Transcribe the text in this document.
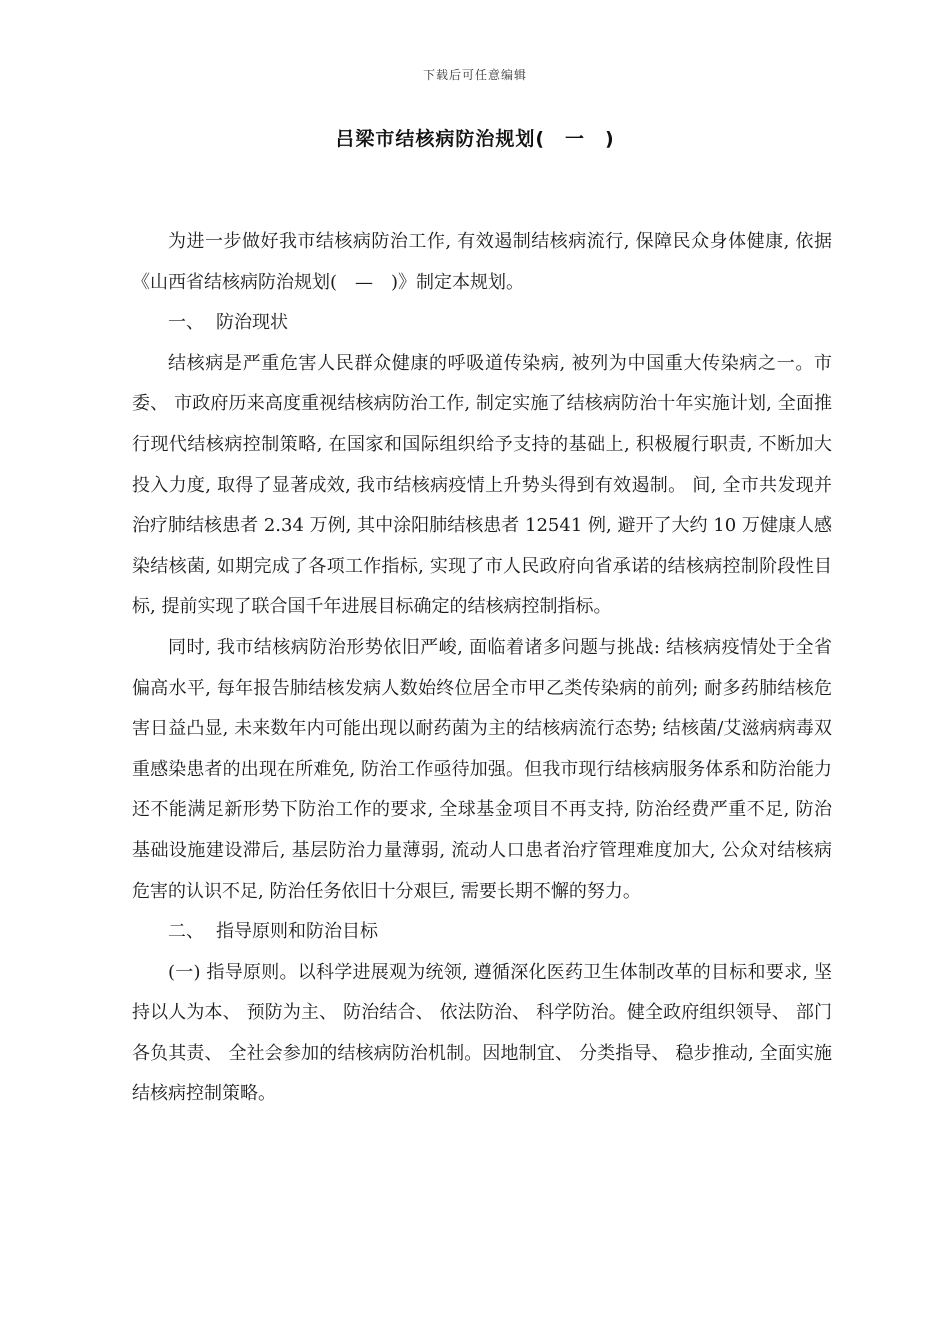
下载后可任意编辑
吕梁市结核病防治规划(　一　)

为进一步做好我市结核病防治工作, 有效遏制结核病流行, 保障民众身体健康, 依据《山西省结核病防治规划(　—　)》制定本规划。

一、 防治现状

结核病是严重危害人民群众健康的呼吸道传染病, 被列为中国重大传染病之一。市委、 市政府历来高度重视结核病防治工作, 制定实施了结核病防治十年实施计划, 全面推行现代结核病控制策略, 在国家和国际组织给予支持的基础上, 积极履行职责, 不断加大投入力度, 取得了显著成效, 我市结核病疫情上升势头得到有效遏制。 间, 全市共发现并治疗肺结核患者 2.34 万例, 其中涂阳肺结核患者 12541 例, 避开了大约 10 万健康人感染结核菌, 如期完成了各项工作指标, 实现了市人民政府向省承诺的结核病控制阶段性目标, 提前实现了联合国千年进展目标确定的结核病控制指标。

同时, 我市结核病防治形势依旧严峻, 面临着诸多问题与挑战: 结核病疫情处于全省偏高水平, 每年报告肺结核发病人数始终位居全市甲乙类传染病的前列; 耐多药肺结核危害日益凸显, 未来数年内可能出现以耐药菌为主的结核病流行态势; 结核菌/艾滋病病毒双重感染患者的出现在所难免, 防治工作亟待加强。但我市现行结核病服务体系和防治能力还不能满足新形势下防治工作的要求, 全球基金项目不再支持, 防治经费严重不足, 防治基础设施建设滞后, 基层防治力量薄弱, 流动人口患者治疗管理难度加大, 公众对结核病危害的认识不足, 防治任务依旧十分艰巨, 需要长期不懈的努力。

二、 指导原则和防治目标

(一) 指导原则。以科学进展观为统领, 遵循深化医药卫生体制改革的目标和要求, 坚持以人为本、 预防为主、 防治结合、 依法防治、 科学防治。健全政府组织领导、 部门各负其责、 全社会参加的结核病防治机制。因地制宜、 分类指导、 稳步推动, 全面实施结核病控制策略。
